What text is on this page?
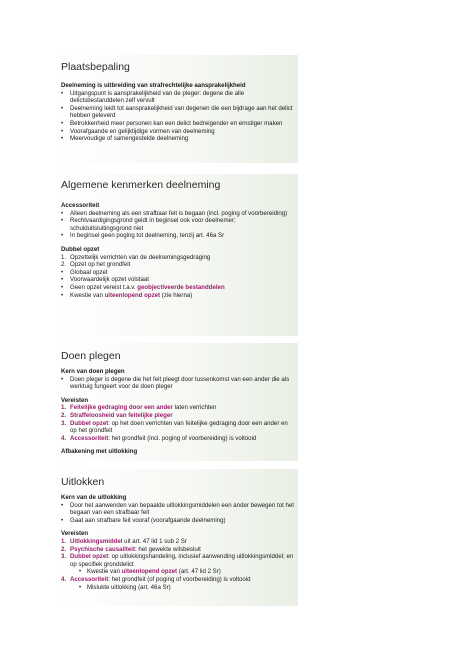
Plaatsbepaling
Deelneming is uitbreiding van strafrechtelijke aansprakelijkheid
•	Uitgangspunt is aansprakelijkheid van de pleger: degene die alle delictsbestanddelen zelf vervult
•	Deelneming leidt tot aansprakelijkheid van degenen die een bijdrage aan het delict hebben geleverd
•	Betrokkenheid meer personen kan een delict bedreigender en ernstiger maken
•	Voorafgaande en gelijktijdige vormen van deelneming
•	Meervoudige of samengestelde deelneming
Algemene kenmerken deelneming
Accessoriteit
•	Alleen deelneming als een strafbaar feit is begaan (incl. poging of voorbereiding)
•	Rechtvaardigingsgrond geldt in beginsel ook voor deelnemer; schulduitsluitingsgrond niet
•	In beginsel geen poging tot deelneming, tenzij art. 46a Sr
Dubbel opzet
1. Opzettelijk verrichten van de deelnemingsgedraging
2. Opzet op het grondfeit
•	Globaal opzet
•	Voorwaardelijk opzet volstaat
•	Geen opzet vereist t.a.v. geobjectiveerde bestanddelen
•	Kwestie van uiteenlopend opzet (zie hierna)
Doen plegen
Kern van doen plegen
•	Doen pleger is degene die het feit pleegt door tussenkomst van een ander die als werktuig fungeert voor de doen pleger
Vereisten
1. Feitelijke gedraging door een ander laten verrichten
2. Straffeloosheid van feitelijke pleger
3. Dubbel opzet: op het doen verrichten van feitelijke gedraging door een ander en op het grondfeit
4. Accessoriteit: het grondfeit (incl. poging of voorbereiding) is voltooid
Afbakening met uitlokking
Uitlokken
Kern van de uitlokking
•	Door het aanwenden van bepaalde uitlokkingsmiddelen een ander bewegen tot het begaan van een strafbaar feit
•	Gaat aan strafbare feit vooraf (voorafgaande deelneming)
Vereisten
1. Uitlokkingsmiddel uit art. 47 lid 1 sub 2 Sr
2. Psychische causaliteit: het gewekte wilsbesluit
3. Dubbel opzet: op uitlokkingshandeling, inclusief aanwending uitlokkingsmiddel; en op specifiek gronddelict
• Kwestie van uiteenlopend opzet (art. 47 lid 2 Sr)
4. Accessoriteit: het grondfeit (of poging of voorbereiding) is voltooid
• Mislukte uitlokking (art. 46a Sr)
